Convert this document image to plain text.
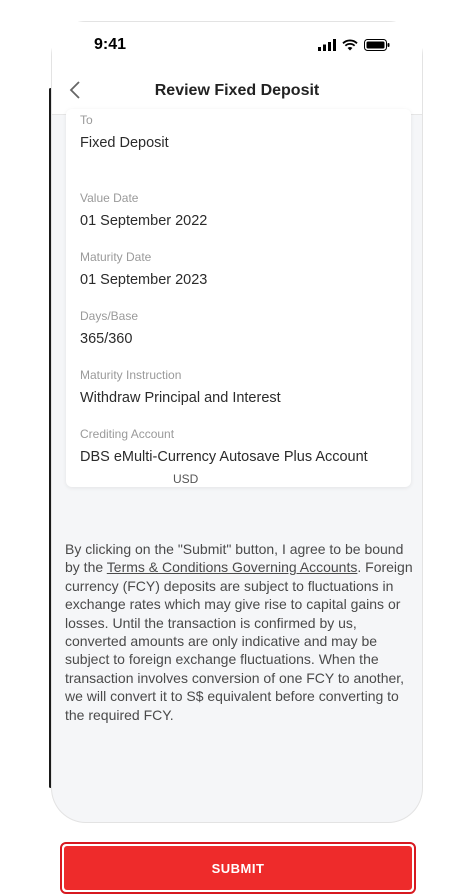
9:41
Review Fixed Deposit
To
Fixed Deposit
Value Date
01 September 2022
Maturity Date
01 September 2023
Days/Base
365/360
Maturity Instruction
Withdraw Principal and Interest
Crediting Account
DBS eMulti-Currency Autosave Plus Account
USD
By clicking on the "Submit" button, I agree to be bound by the Terms & Conditions Governing Accounts. Foreign currency (FCY) deposits are subject to fluctuations in exchange rates which may give rise to capital gains or losses. Until the transaction is confirmed by us, converted amounts are only indicative and may be subject to foreign exchange fluctuations. When the transaction involves conversion of one FCY to another, we will convert it to S$ equivalent before converting to the required FCY.
SUBMIT
